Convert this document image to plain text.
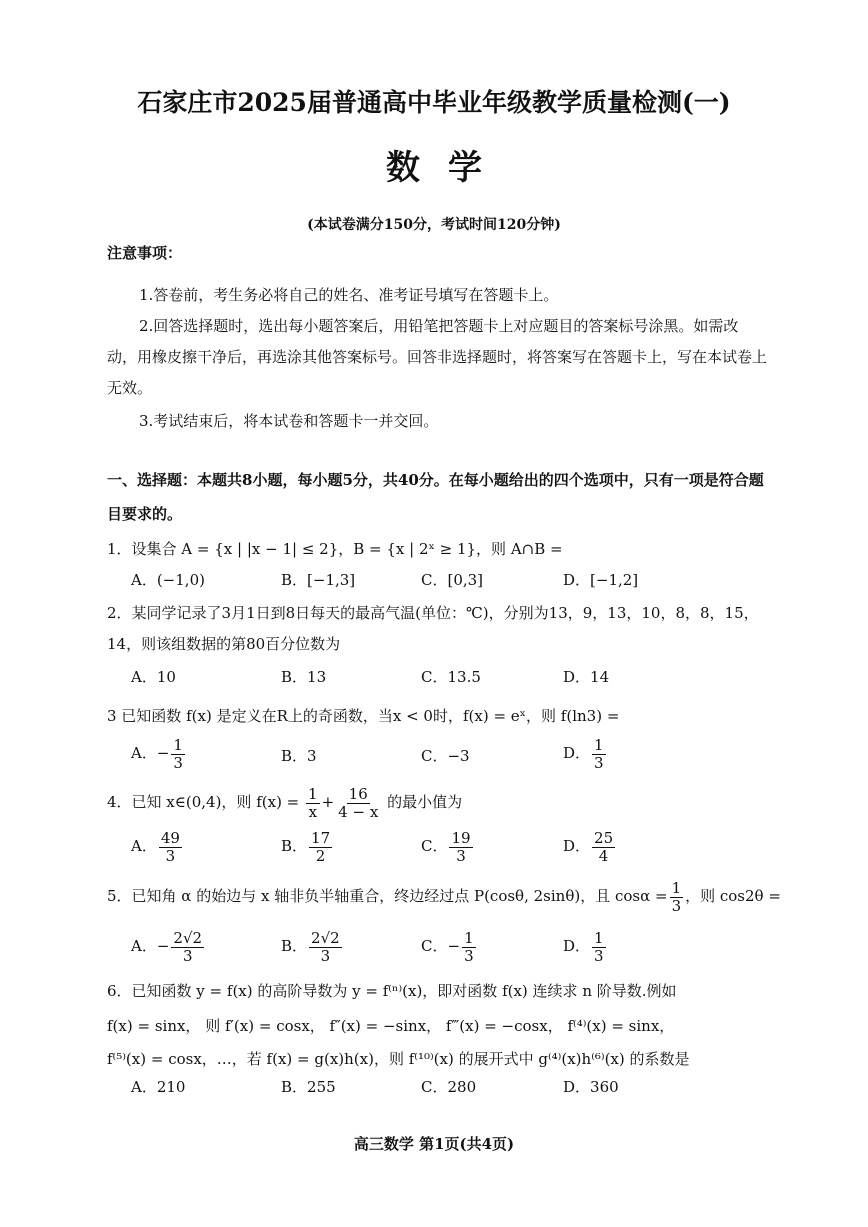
石家庄市2025届普通高中毕业年级教学质量检测(一)
数学
(本试卷满分150分，考试时间120分钟)
注意事项：
1.答卷前，考生务必将自己的姓名、准考证号填写在答题卡上。
2.回答选择题时，选出每小题答案后，用铅笔把答题卡上对应题目的答案标号涂黑。如需改动，用橡皮擦干净后，再选涂其他答案标号。回答非选择题时，将答案写在答题卡上，写在本试卷上无效。
3.考试结束后，将本试卷和答题卡一并交回。
一、选择题：本题共8小题，每小题5分，共40分。在每小题给出的四个选项中，只有一项是符合题目要求的。
1．设集合 A = {x | |x − 1| ≤ 2}，B = {x | 2ˣ ≥ 1}，则 A∩B =
A．(−1,0)	B．[−1,3]	C．[0,3]	D．[−1,2]
2．某同学记录了3月1日到8日每天的最高气温(单位：℃)，分别为13，9，13，10，8，8，15，
14，则该组数据的第80百分位数为
A．10	B．13	C．13.5	D．14
3 已知函数 f(x) 是定义在R上的奇函数，当x < 0时，f(x) = eˣ，则 f(ln3) =
A．− $\frac{1}{3}$	B．3	C．−3	D． $\frac{1}{3}$
4．已知 x∈(0,4)，则 $f(x) = \frac{1}{x} + \frac{16}{4 - x}$ 的最小值为
A． $\frac{49}{3}$	B． $\frac{17}{2}$	C． $\frac{19}{3}$	D． $\frac{25}{4}$
5．已知角 α 的始边与 x 轴非负半轴重合，终边经过点 P(cosθ, 2sinθ)，且 $\cos\alpha = \frac{1}{3}$ ，则 cos2θ =
A．− $\frac{2√2}{3}$	B． $\frac{2√2}{3}$	C．− $\frac{1}{3}$	D． $\frac{1}{3}$
6．已知函数 y = f(x) 的高阶导数为 y = f⁽ⁿ⁾(x)，即对函数 f(x) 连续求 n 阶导数.例如
f(x) = sinx， 则 f′(x) = cosx， f″(x) = −sinx， f‴(x) = −cosx， f⁽⁴⁾(x) = sinx，
f⁽⁵⁾(x) = cosx，…，若 f(x) = g(x)h(x)，则 f⁽¹⁰⁾(x) 的展开式中 g⁽⁴⁾(x)h⁽⁶⁾(x) 的系数是
A．210	B．255	C．280	D．360
高三数学 第1页(共4页)
